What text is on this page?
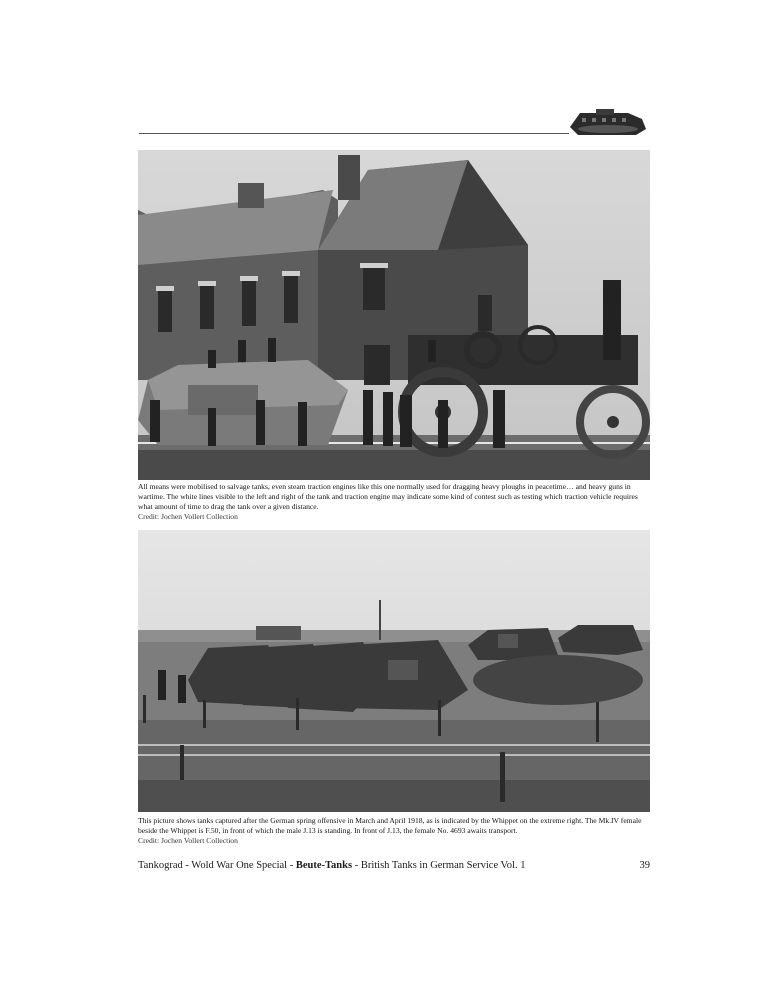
All means were mobilised to salvage tanks, even steam traction engines like this one normally used for dragging heavy ploughs in peacetime… and heavy guns in wartime. The white lines visible to the left and right of the tank and traction engine may indicate some kind of contest such as testing which traction vehicle requires what amount of time to drag the tank over a given distance.
Credit: Jochen Vollert Collection
This picture shows tanks captured after the German spring offensive in March and April 1918, as is indicated by the Whippet on the extreme right. The Mk.IV female beside the Whippet is F.50, in front of which the male J.13 is standing. In front of J.13, the female No. 4693 awaits transport.
Credit: Jochen Vollert Collection
Tankograd - Wold War One Special - Beute-Tanks - British Tanks in German Service Vol. 1	39
